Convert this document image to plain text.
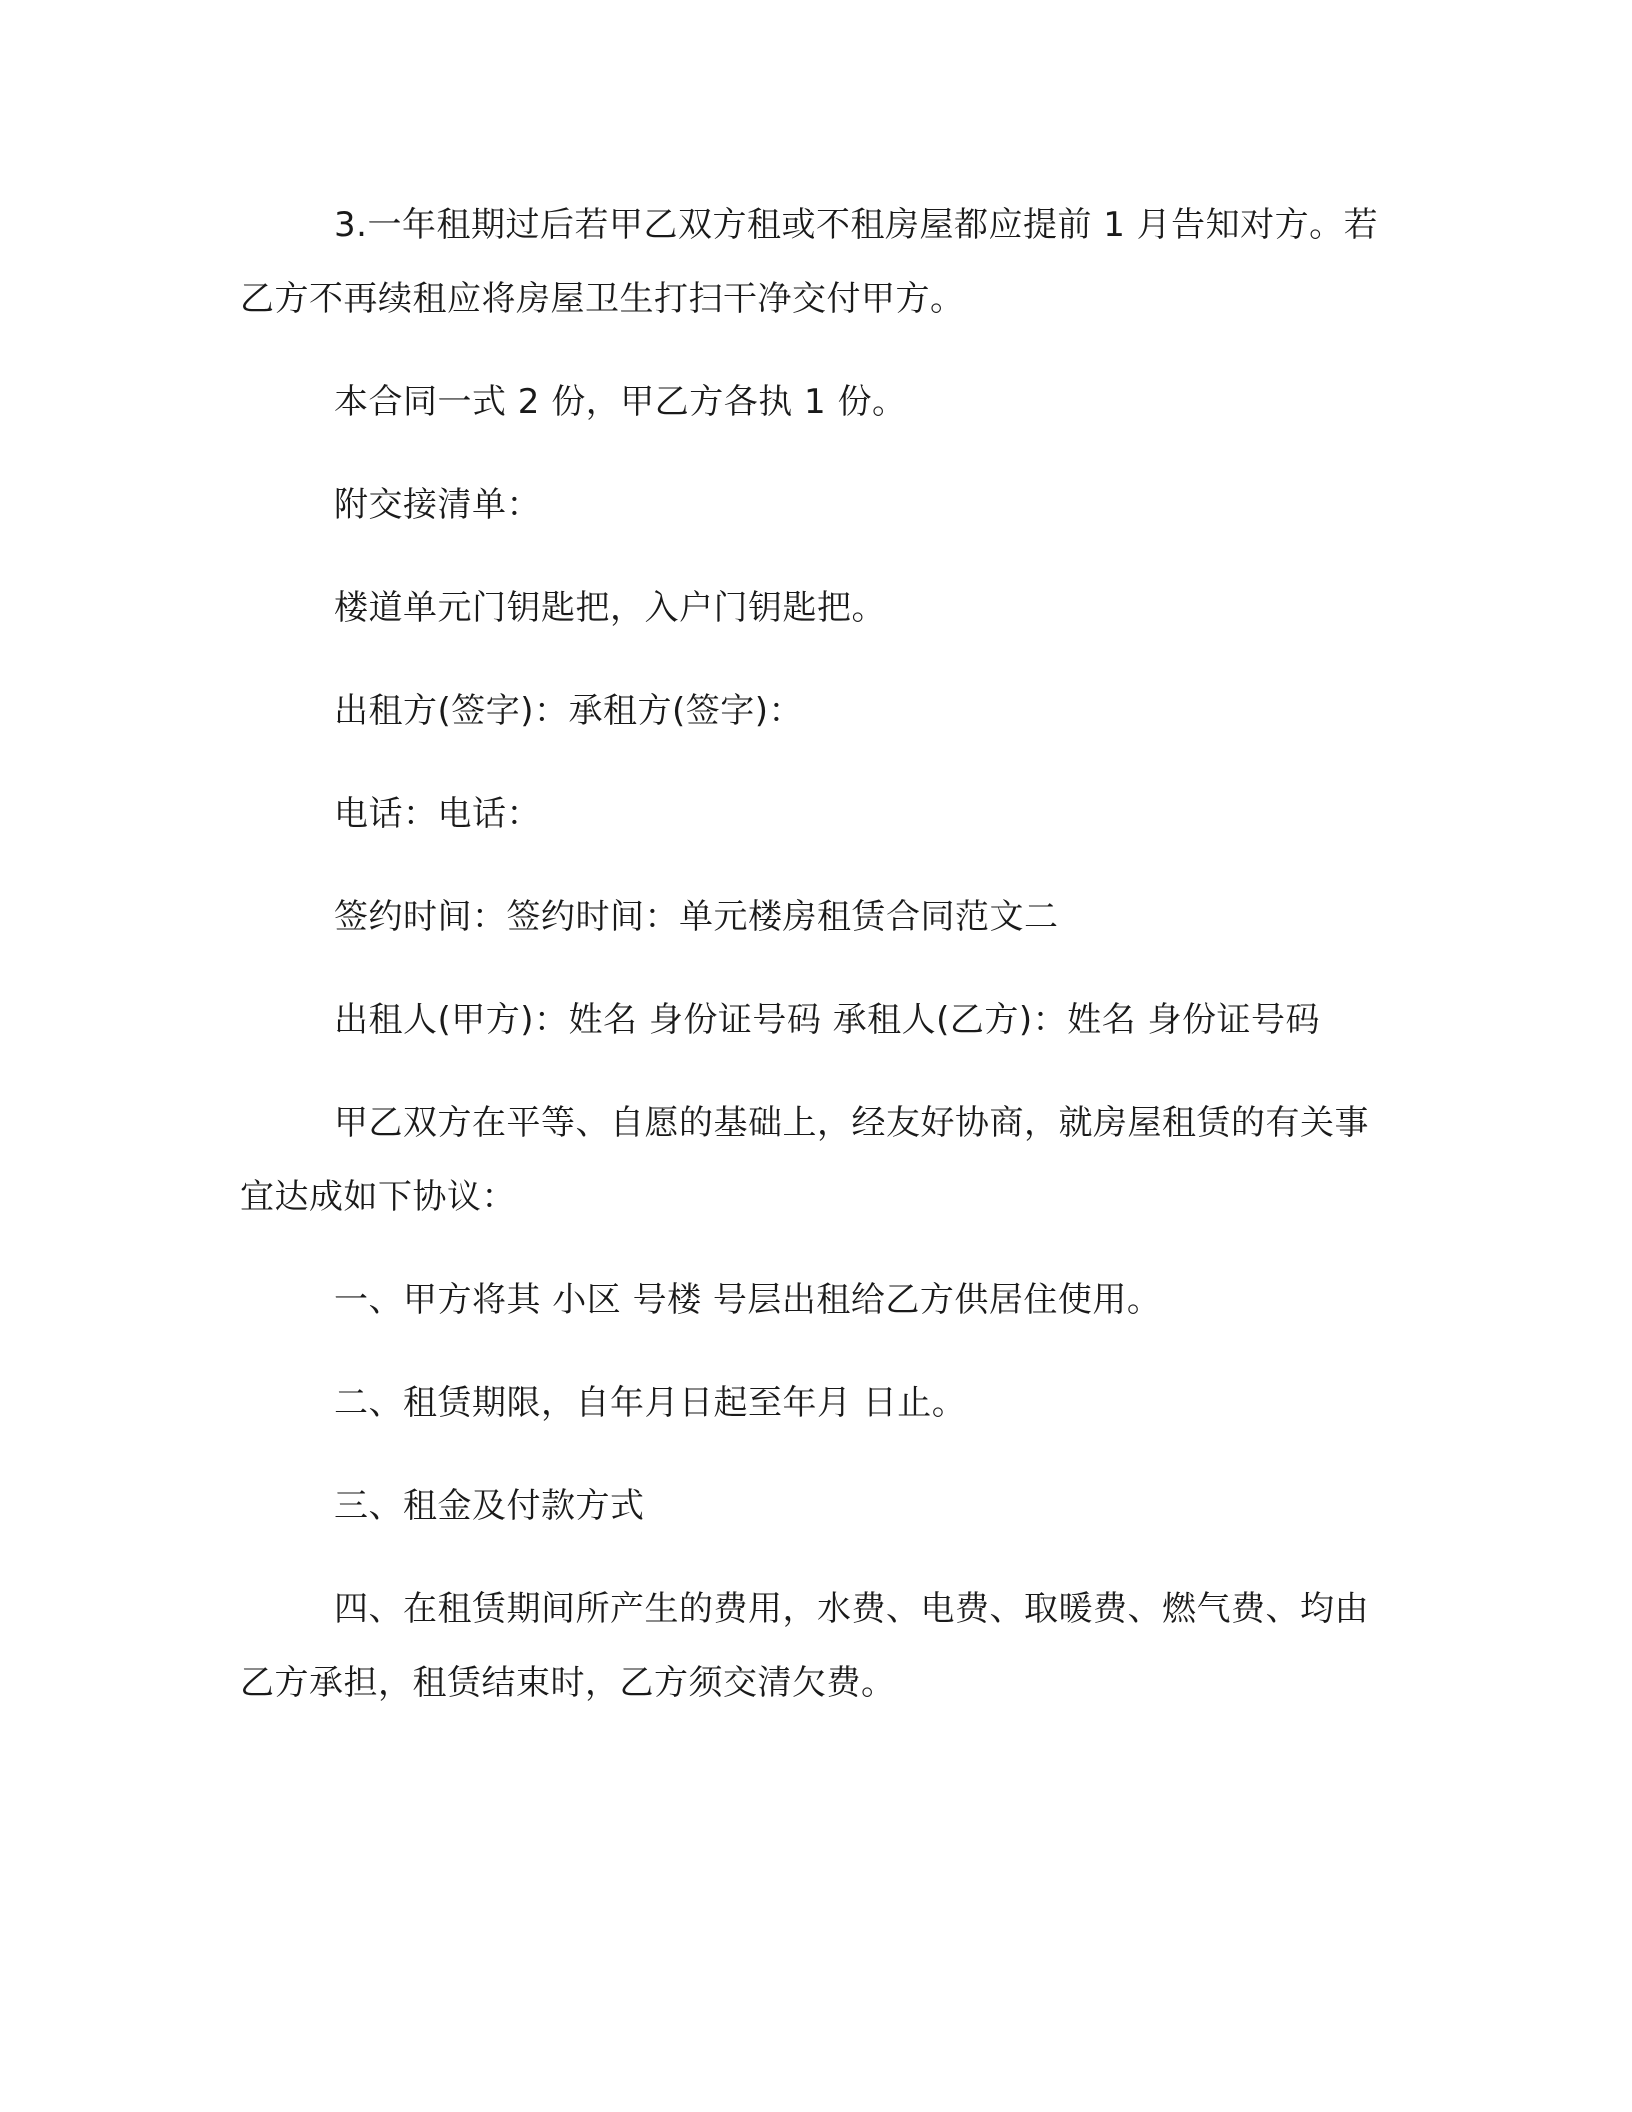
3.一年租期过后若甲乙双方租或不租房屋都应提前 1 月告知对方。若乙方不再续租应将房屋卫生打扫干净交付甲方。

本合同一式 2 份，甲乙方各执 1 份。

附交接清单：

楼道单元门钥匙把，入户门钥匙把。

出租方(签字)：承租方(签字)：

电话：电话：

签约时间：签约时间：单元楼房租赁合同范文二

出租人(甲方)：姓名 身份证号码 承租人(乙方)：姓名 身份证号码

甲乙双方在平等、自愿的基础上，经友好协商，就房屋租赁的有关事宜达成如下协议：

一、甲方将其 小区 号楼 号层出租给乙方供居住使用。

二、租赁期限，自年月日起至年月 日止。

三、租金及付款方式

四、在租赁期间所产生的费用，水费、电费、取暖费、燃气费、均由乙方承担，租赁结束时，乙方须交清欠费。
